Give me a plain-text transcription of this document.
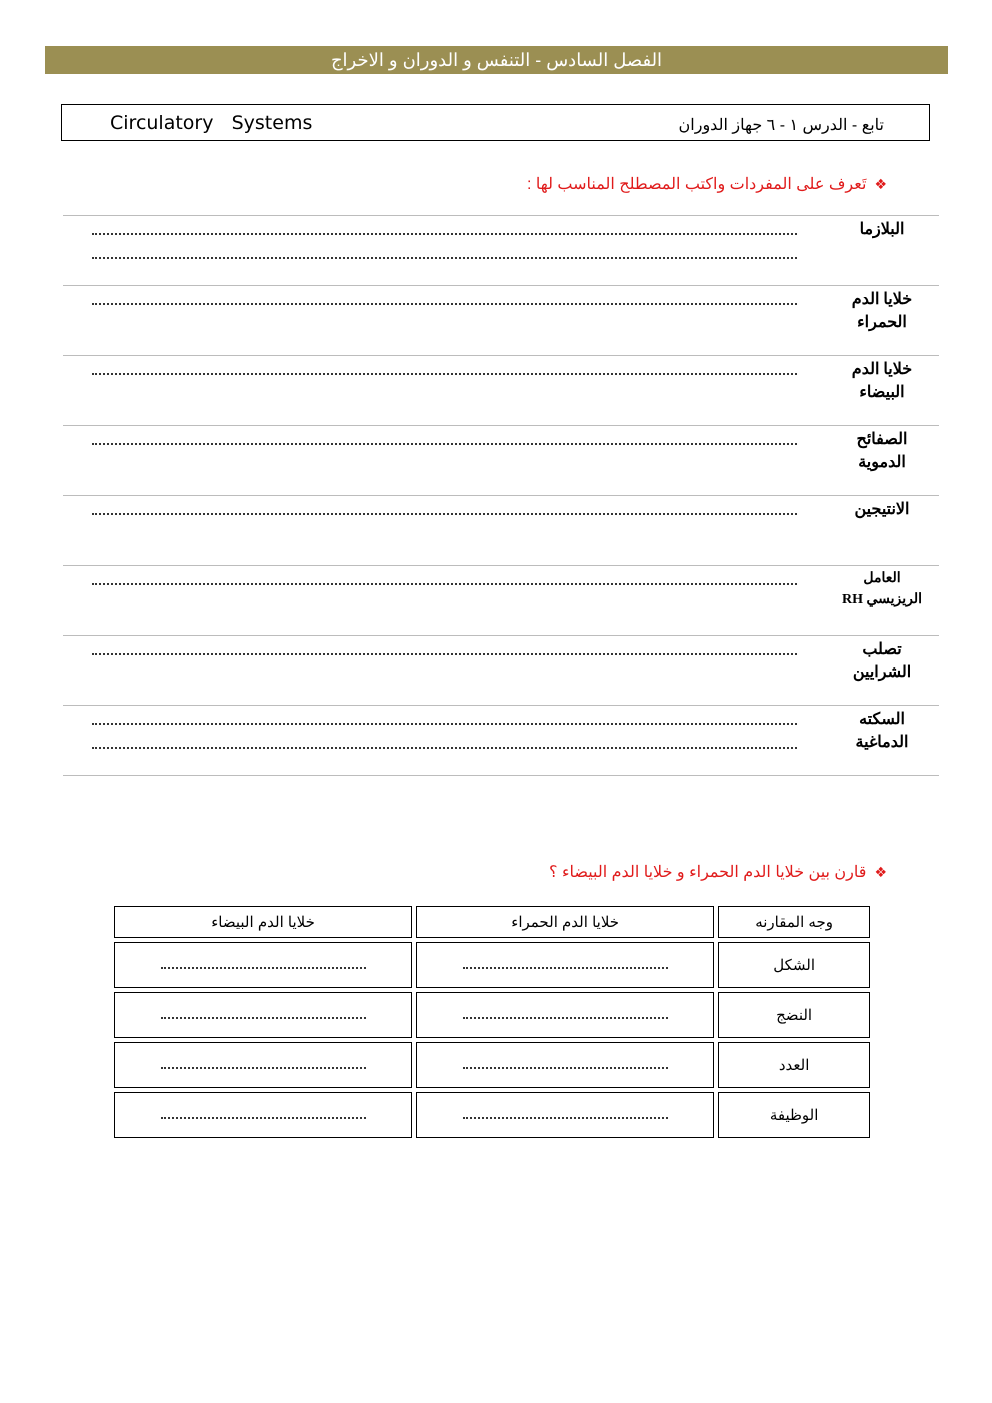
الفصل السادس - التنفس و الدوران و الاخراج
Circulatory   Systems	تابع - الدرس ١ - ٦ جهاز الدوران
❖تَعرف على المفردات واكتب المصطلح المناسب لها :
البلازما
خلايا الدم
الحمراء
خلايا الدم
البيضاء
الصفائح
الدموية
الانتيجين
العامل
الريزيسي RH
تصلب
الشرايين
السكته
الدماغية
❖قارن بين خلايا الدم الحمراء و خلايا الدم البيضاء ؟
وجه المقارنه	خلايا الدم الحمراء	خلايا الدم البيضاء
الشكل		
النضج		
العدد		
الوظيفة		
